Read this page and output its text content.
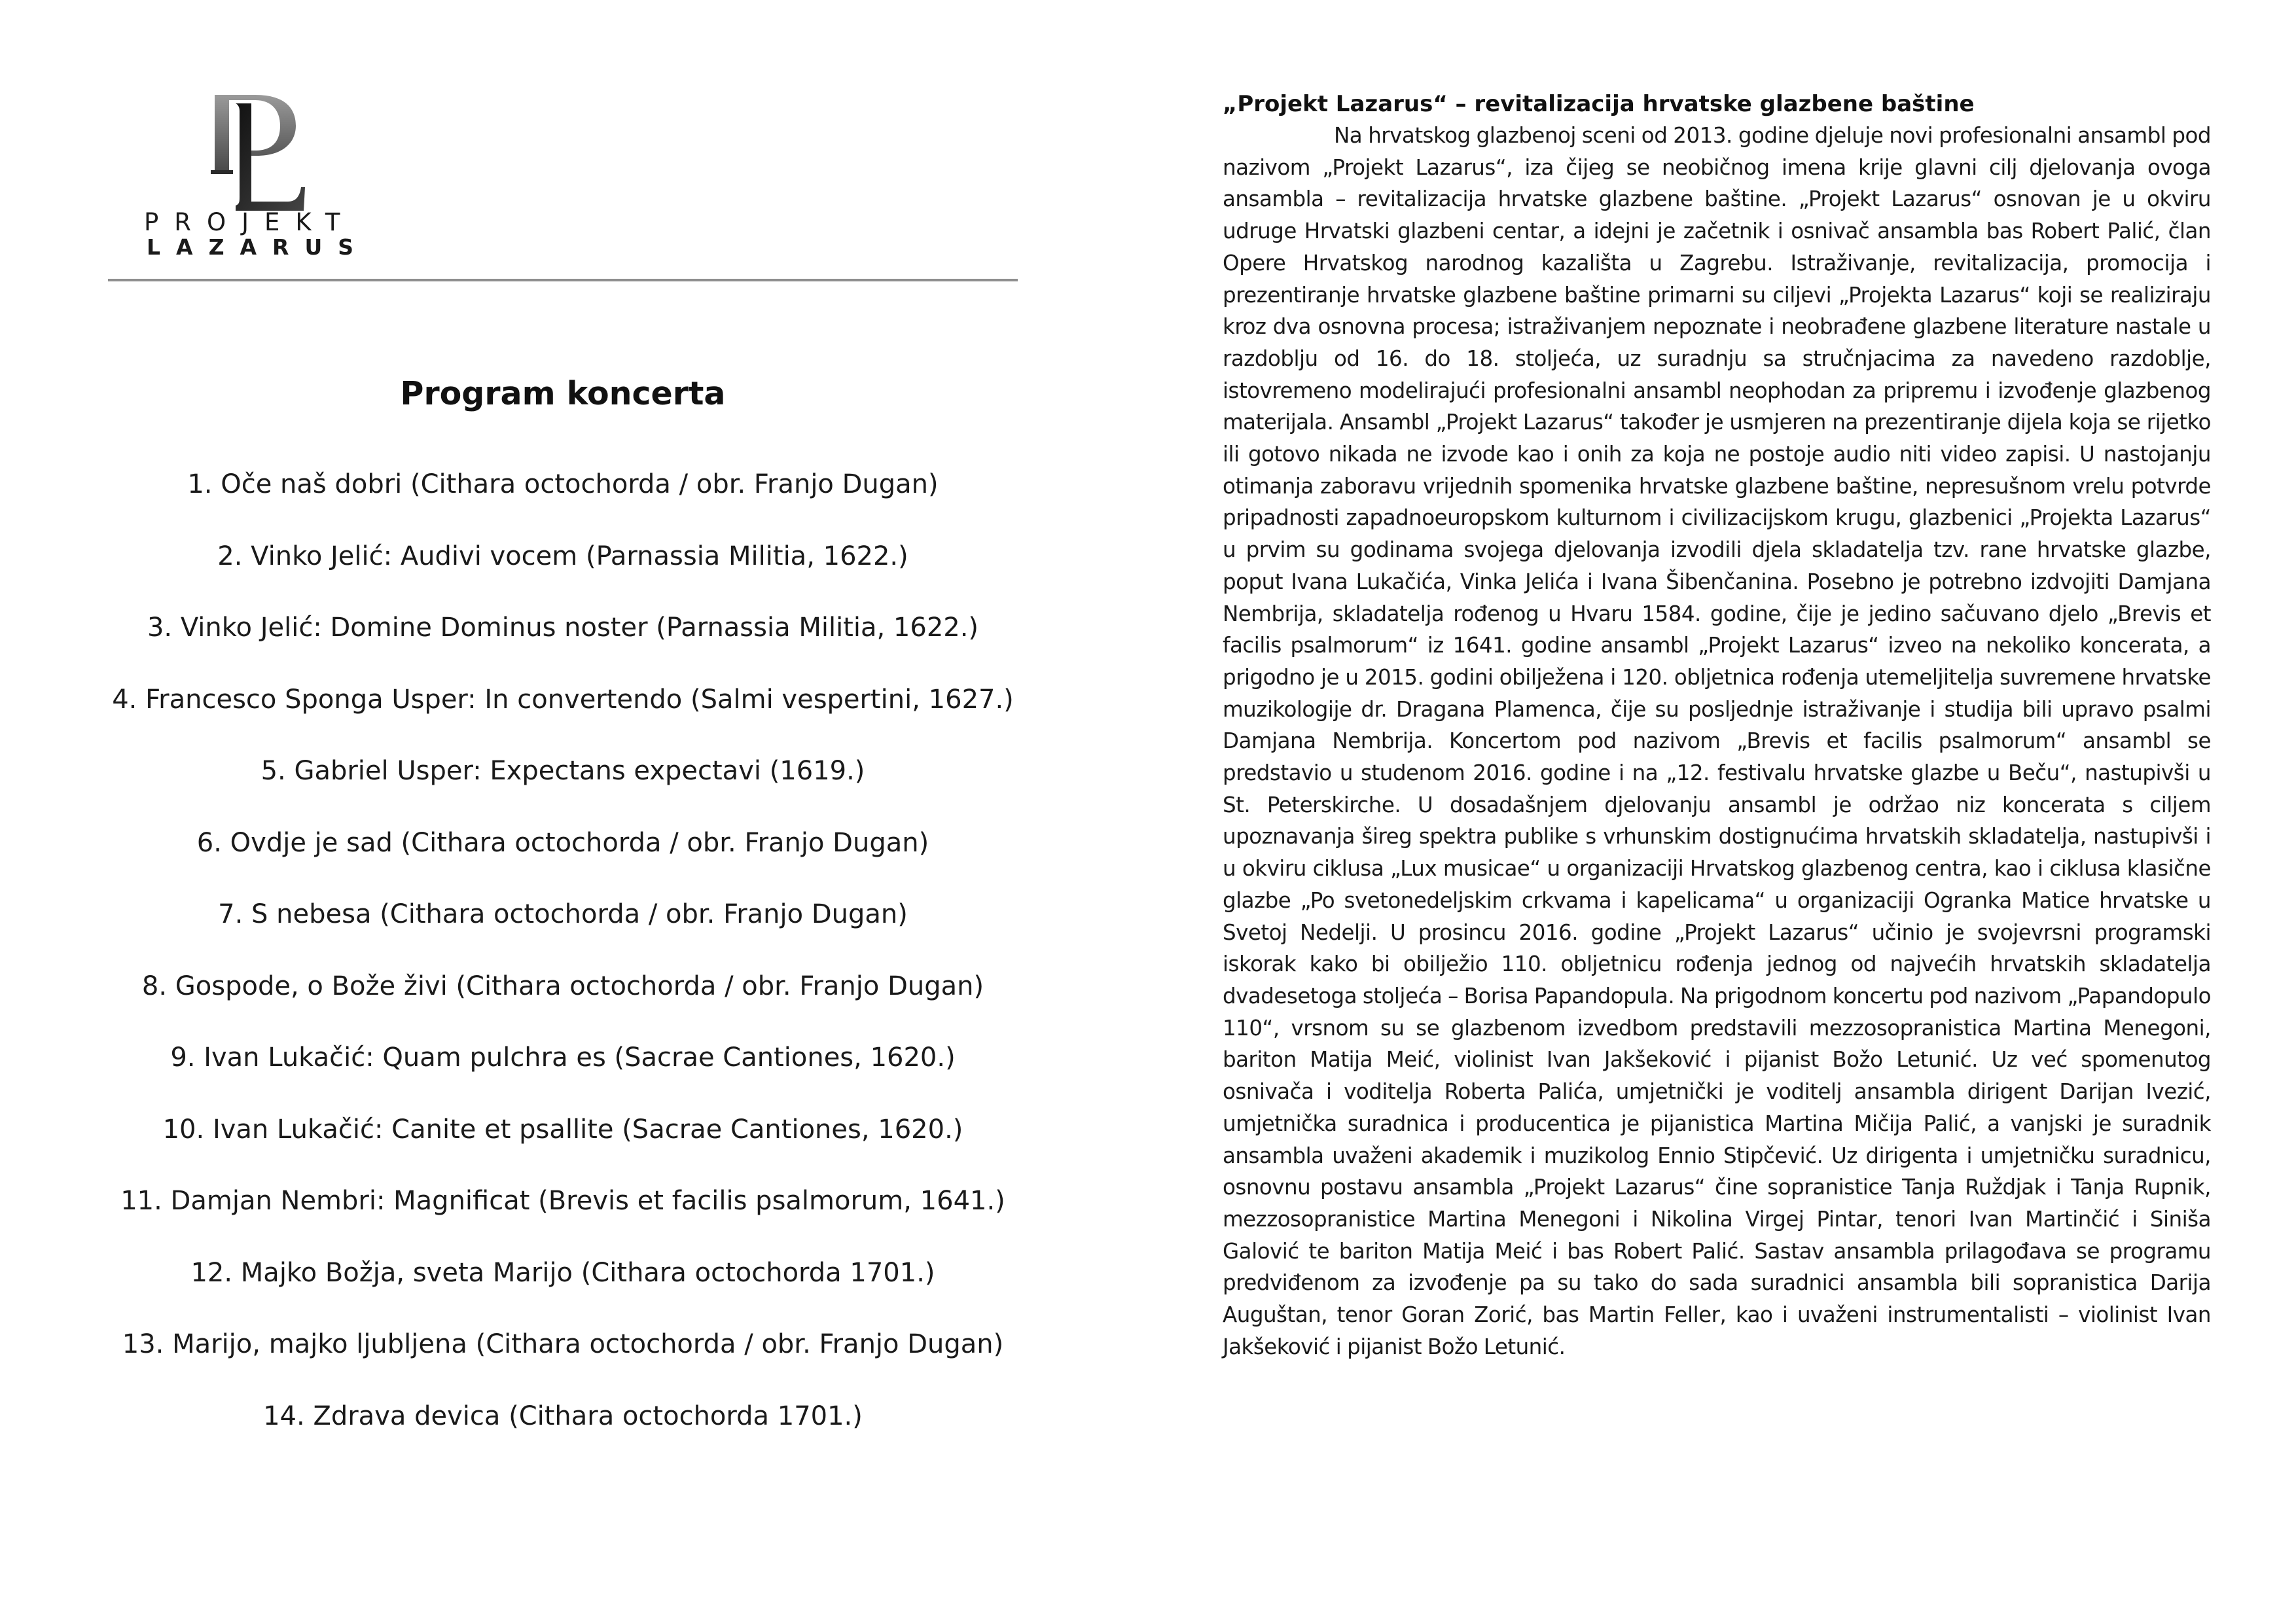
PROJEKT
LAZARUS
Program koncerta
1. Oče naš dobri (Cithara octochorda / obr. Franjo Dugan)
2. Vinko Jelić: Audivi vocem (Parnassia Militia, 1622.)
3. Vinko Jelić: Domine Dominus noster (Parnassia Militia, 1622.)
4. Francesco Sponga Usper: In convertendo (Salmi vespertini, 1627.)
5. Gabriel Usper: Expectans expectavi (1619.)
6. Ovdje je sad (Cithara octochorda / obr. Franjo Dugan)
7. S nebesa (Cithara octochorda / obr. Franjo Dugan)
8. Gospode, o Bože živi (Cithara octochorda / obr. Franjo Dugan)
9. Ivan Lukačić: Quam pulchra es (Sacrae Cantiones, 1620.)
10. Ivan Lukačić: Canite et psallite (Sacrae Cantiones, 1620.)
11. Damjan Nembri: Magnificat (Brevis et facilis psalmorum, 1641.)
12. Majko Božja, sveta Marijo (Cithara octochorda 1701.)
13. Marijo, majko ljubljena (Cithara octochorda / obr. Franjo Dugan)
14. Zdrava devica (Cithara octochorda 1701.)
„Projekt Lazarus“ – revitalizacija hrvatske glazbene baštine

Na hrvatskog glazbenoj sceni od 2013. godine djeluje novi profesionalni ansambl pod nazivom „Projekt Lazarus“, iza čijeg se neobičnog imena krije glavni cilj djelovanja ovoga ansambla – revitalizacija hrvatske glazbene baštine. „Projekt Lazarus“ osnovan je u okviru udruge Hrvatski glazbeni centar, a idejni je začetnik i osnivač ansambla bas Robert Palić, član Opere Hrvatskog narodnog kazališta u Zagrebu. Istraživanje, revitalizacija, promocija i prezentiranje hrvatske glazbene baštine primarni su ciljevi „Projekta Lazarus“ koji se realiziraju kroz dva osnovna procesa; istraživanjem nepoznate i neobrađene glazbene literature nastale u razdoblju od 16. do 18. stoljeća, uz suradnju sa stručnjacima za navedeno razdoblje, istovremeno modelirajući profesionalni ansambl neophodan za pripremu i izvođenje glazbenog materijala. Ansambl „Projekt Lazarus“ također je usmjeren na prezentiranje dijela koja se rijetko ili gotovo nikada ne izvode kao i onih za koja ne postoje audio niti video zapisi. U nastojanju otimanja zaboravu vrijednih spomenika hrvatske glazbene baštine, nepresušnom vrelu potvrde pripadnosti zapadnoeuropskom kulturnom i civilizacijskom krugu, glazbenici „Projekta Lazarus“ u prvim su godinama svojega djelovanja izvodili djela skladatelja tzv. rane hrvatske glazbe, poput Ivana Lukačića, Vinka Jelića i Ivana Šibenčanina. Posebno je potrebno izdvojiti Damjana Nembrija, skladatelja rođenog u Hvaru 1584. godine, čije je jedino sačuvano djelo „Brevis et facilis psalmorum“ iz 1641. godine ansambl „Projekt Lazarus“ izveo na nekoliko koncerata, a prigodno je u 2015. godini obilježena i 120. obljetnica rođenja utemeljitelja suvremene hrvatske muzikologije dr. Dragana Plamenca, čije su posljednje istraživanje i studija bili upravo psalmi Damjana Nembrija. Koncertom pod nazivom „Brevis et facilis psalmorum“ ansambl se predstavio u studenom 2016. godine i na „12. festivalu hrvatske glazbe u Beču“, nastupivši u St. Peterskirche. U dosadašnjem djelovanju ansambl je održao niz koncerata s ciljem upoznavanja šireg spektra publike s vrhunskim dostignućima hrvatskih skladatelja, nastupivši i u okviru ciklusa „Lux musicae“ u organizaciji Hrvatskog glazbenog centra, kao i ciklusa klasične glazbe „Po svetonedeljskim crkvama i kapelicama“ u organizaciji Ogranka Matice hrvatske u Svetoj Nedelji. U prosincu 2016. godine „Projekt Lazarus“ učinio je svojevrsni programski iskorak kako bi obilježio 110. obljetnicu rođenja jednog od najvećih hrvatskih skladatelja dvadesetoga stoljeća – Borisa Papandopula. Na prigodnom koncertu pod nazivom „Papandopulo 110“, vrsnom su se glazbenom izvedbom predstavili mezzosopranistica Martina Menegoni, bariton Matija Meić, violinist Ivan Jakšeković i pijanist Božo Letunić. Uz već spomenutog osnivača i voditelja Roberta Palića, umjetnički je voditelj ansambla dirigent Darijan Ivezić, umjetnička suradnica i producentica je pijanistica Martina Mičija Palić, a vanjski je suradnik ansambla uvaženi akademik i muzikolog Ennio Stipčević. Uz dirigenta i umjetničku suradnicu, osnovnu postavu ansambla „Projekt Lazarus“ čine sopranistice Tanja Ruždjak i Tanja Rupnik, mezzosopranistice Martina Menegoni i Nikolina Virgej Pintar, tenori Ivan Martinčić i Siniša Galović te bariton Matija Meić i bas Robert Palić. Sastav ansambla prilagođava se programu predviđenom za izvođenje pa su tako do sada suradnici ansambla bili sopranistica Darija Auguštan, tenor Goran Zorić, bas Martin Feller, kao i uvaženi instrumentalisti – violinist Ivan Jakšeković i pijanist Božo Letunić.
